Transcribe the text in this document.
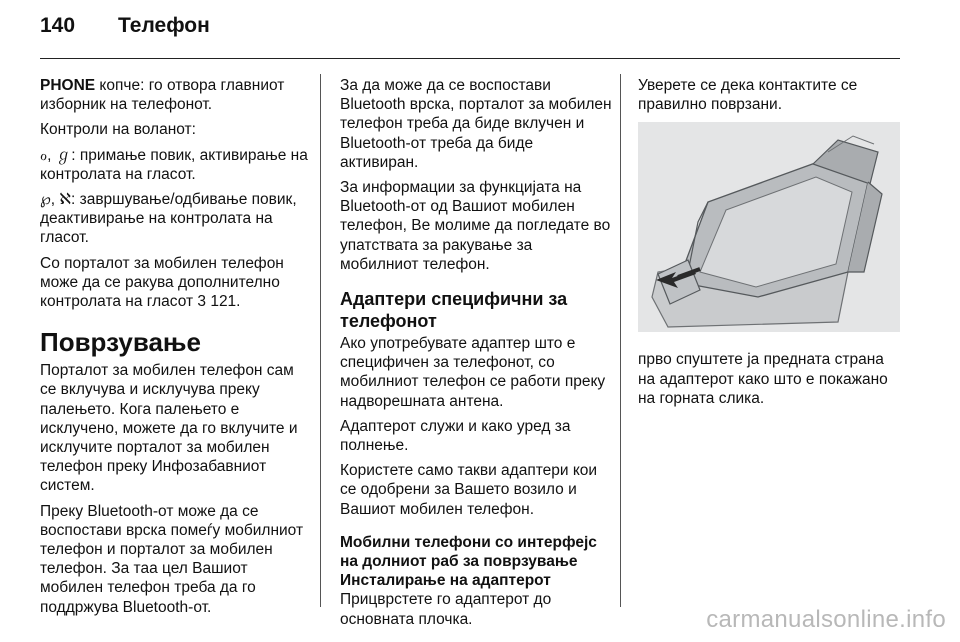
140	Телефон

PHONE копче: го отвора главниот изборник на телефонот.

Контроли на воланот:

ℴ, ℊ: примање повик, активирање на контролата на гласот.

℘, ℵ: завршување/одбивање повик, деактивирање на контролата на гласот.

Со порталот за мобилен телефон може да се ракува дополнително контролата на гласот 3 121.

Поврзување

Порталот за мобилен телефон сам се вклучува и исклучува преку палењето. Кога палењето е исклучено, можете да го вклучите и исклучите порталот за мобилен телефон преку Инфозабавниот систем.

Преку Bluetooth-от може да се воспостави врска помеѓу мобилниот телефон и порталот за мобилен телефон. За таа цел Вашиот мобилен телефон треба да го поддржува Bluetooth-от.

За да може да се воспостави Bluetooth врска, порталот за мобилен телефон треба да биде вклучен и Bluetooth-от треба да биде активиран.

За информации за функцијата на Bluetooth-от од Вашиот мобилен телефон, Ве молиме да погледате во упатствата за ракување за мобилниот телефон.

Адаптери специфични за телефонот

Ако употребувате адаптер што е специфичен за телефонот, со мобилниот телефон се работи преку надворешната антена.

Адаптерот служи и како уред за полнење.

Користете само такви адаптери кои се одобрени за Вашето возило и Вашиот мобилен телефон.

Мобилни телефони со интерфејс на долниот раб за поврзување
Инсталирање на адаптерот

Прицврстете го адаптерот до основната плочка.

Уверете се дека контактите се правилно поврзани.

прво спуштете ја предната страна на адаптерот како што е покажано на горната слика.

carmanualsonline.info
